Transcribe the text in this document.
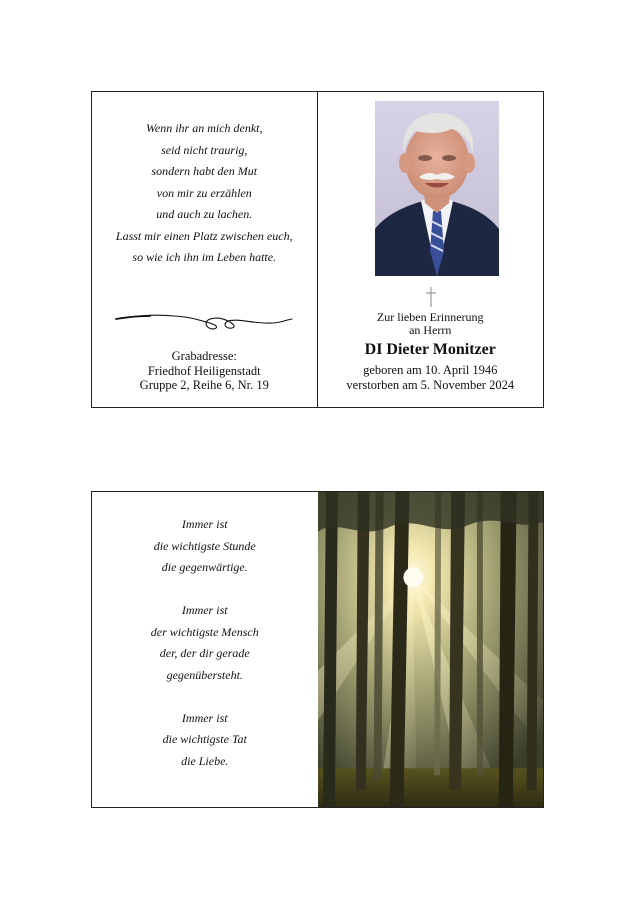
Wenn ihr an mich denkt,
seid nicht traurig,
sondern habt den Mut
von mir zu erzählen
und auch zu lachen.
Lasst mir einen Platz zwischen euch,
so wie ich ihn im Leben hatte.
Grabadresse:
Friedhof Heiligenstadt
Gruppe 2, Reihe 6, Nr. 19
Zur lieben Erinnerung
an Herrn
DI Dieter Monitzer
geboren am 10. April 1946
verstorben am 5. November 2024
Immer ist
die wichtigste Stunde
die gegenwärtige.
Immer ist
der wichtigste Mensch
der, der dir gerade
gegenübersteht.
Immer ist
die wichtigste Tat
die Liebe.
